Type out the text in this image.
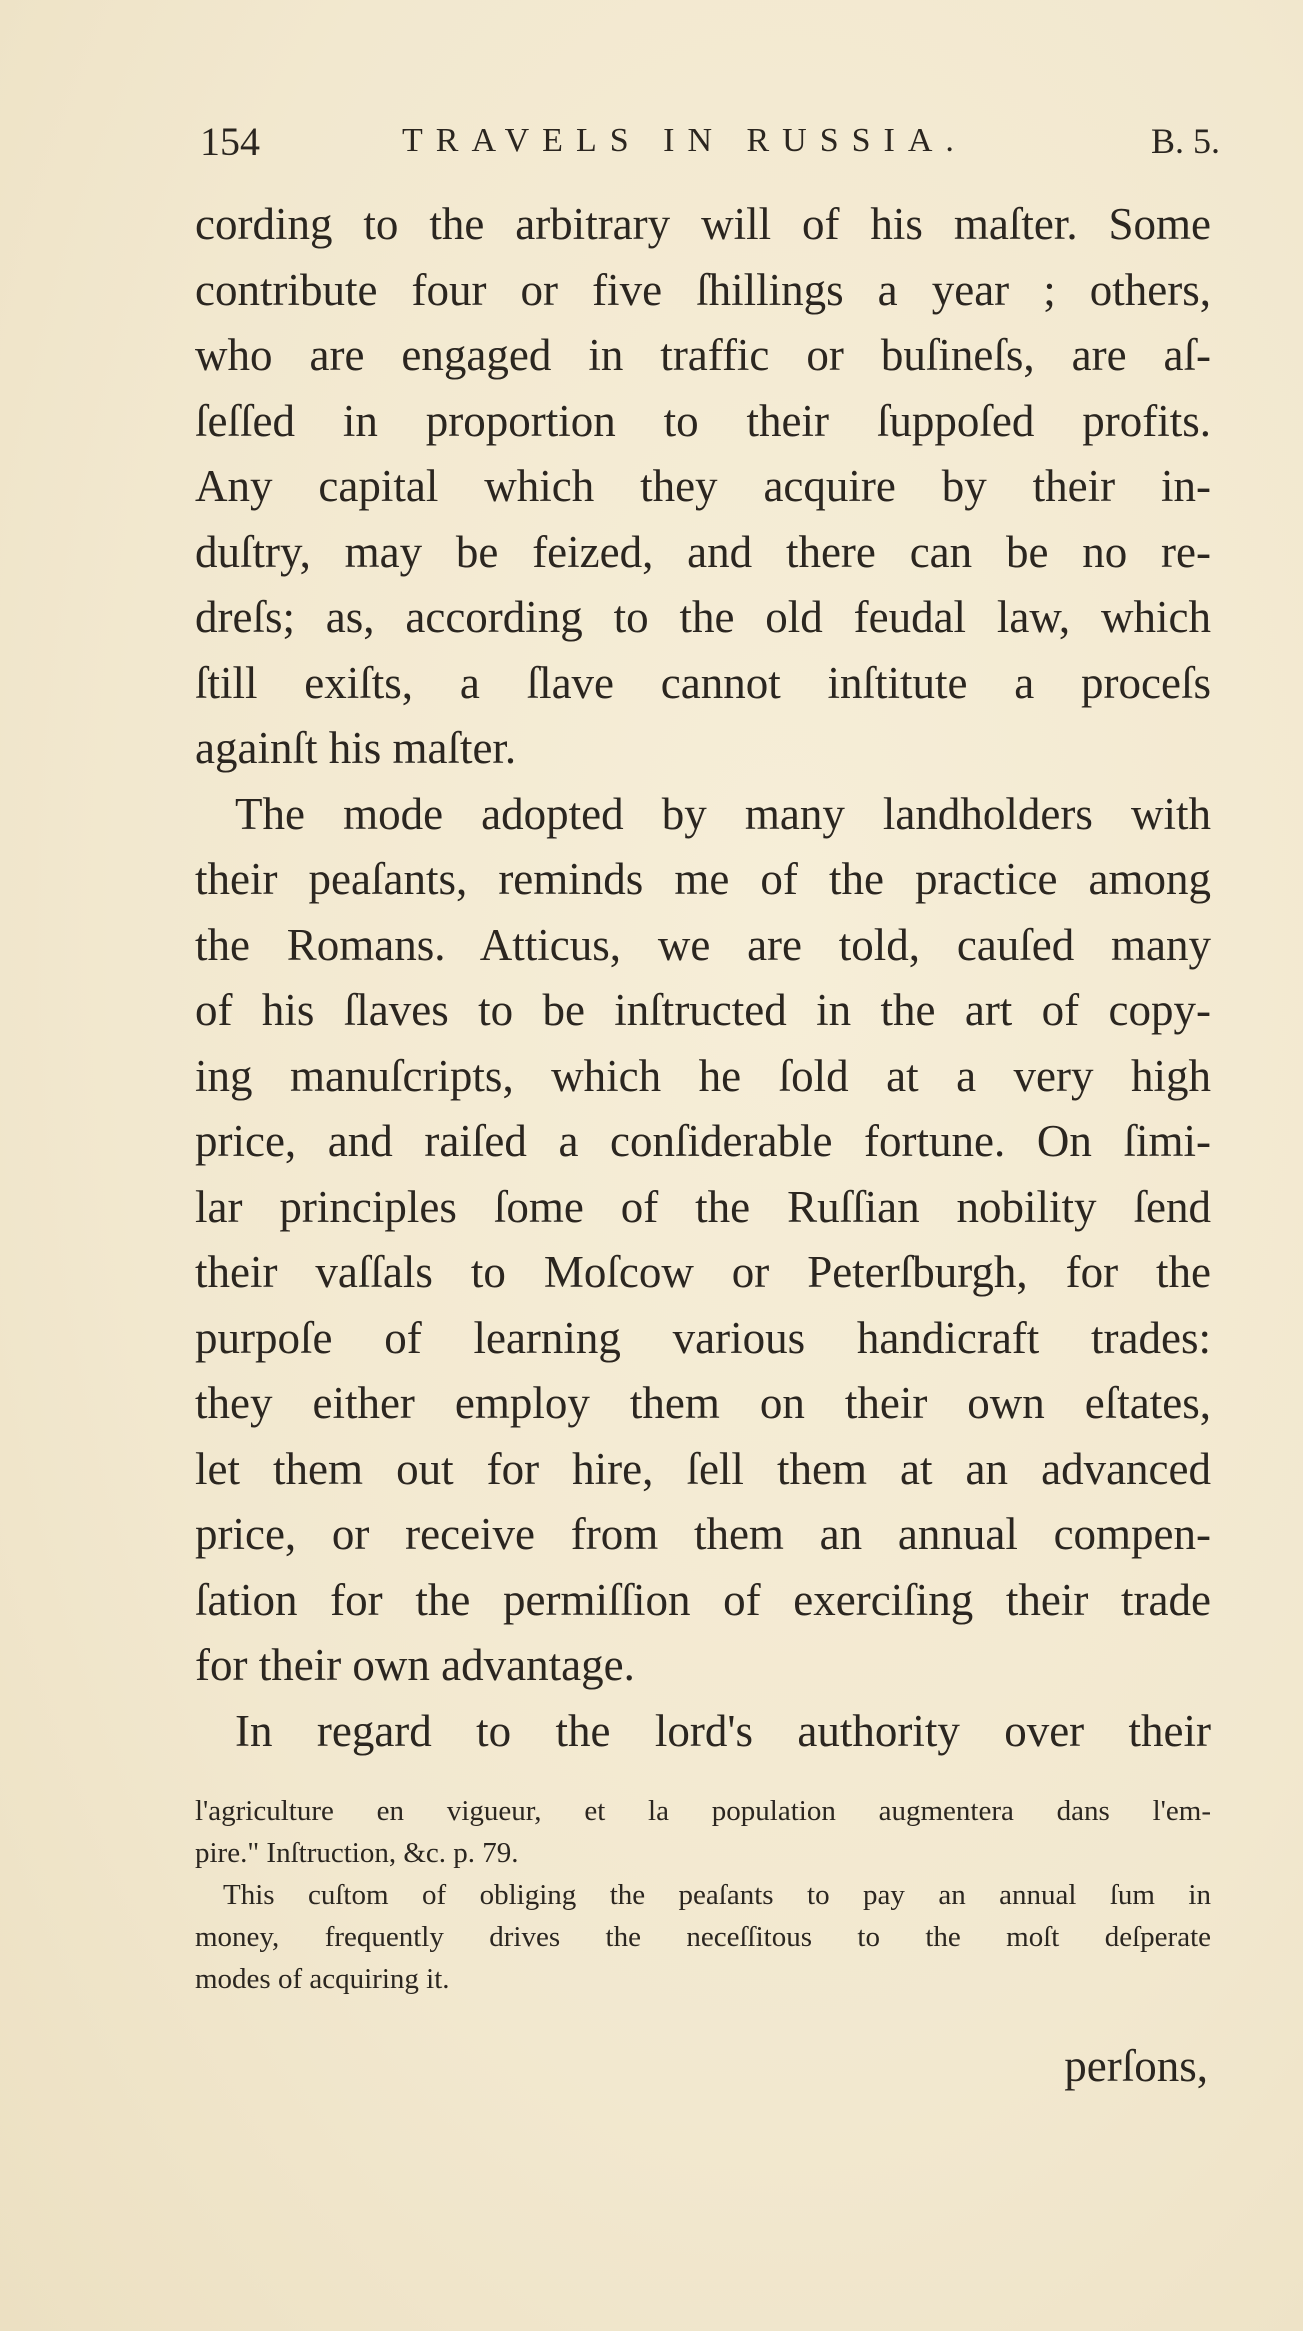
154	TRAVELS IN RUSSIA.	B. 5.
cording to the arbitrary will of his maſter. Some
contribute four or five ſhillings a year ; others,
who are engaged in traffic or buſineſs, are aſ-
ſeſſed in proportion to their ſuppoſed profits.
Any capital which they acquire by their in-
duſtry, may be feized, and there can be no re-
dreſs; as, according to the old feudal law, which
ſtill exiſts, a ſlave cannot inſtitute a proceſs
againſt his maſter.
The mode adopted by many landholders with
their peaſants, reminds me of the practice among
the Romans. Atticus, we are told, cauſed many
of his ſlaves to be inſtructed in the art of copy-
ing manuſcripts, which he ſold at a very high
price, and raiſed a conſiderable fortune. On ſimi-
lar principles ſome of the Ruſſian nobility ſend
their vaſſals to Moſcow or Peterſburgh, for the
purpoſe of learning various handicraft trades:
they either employ them on their own eſtates,
let them out for hire, ſell them at an advanced
price, or receive from them an annual compen-
ſation for the permiſſion of exerciſing their trade
for their own advantage.
In regard to the lord's authority over their
l'agriculture en vigueur, et la population augmentera dans l'em-
pire." Inſtruction, &c. p. 79.
This cuſtom of obliging the peaſants to pay an annual ſum in
money, frequently drives the neceſſitous to the moſt deſperate
modes of acquiring it.
perſons,
